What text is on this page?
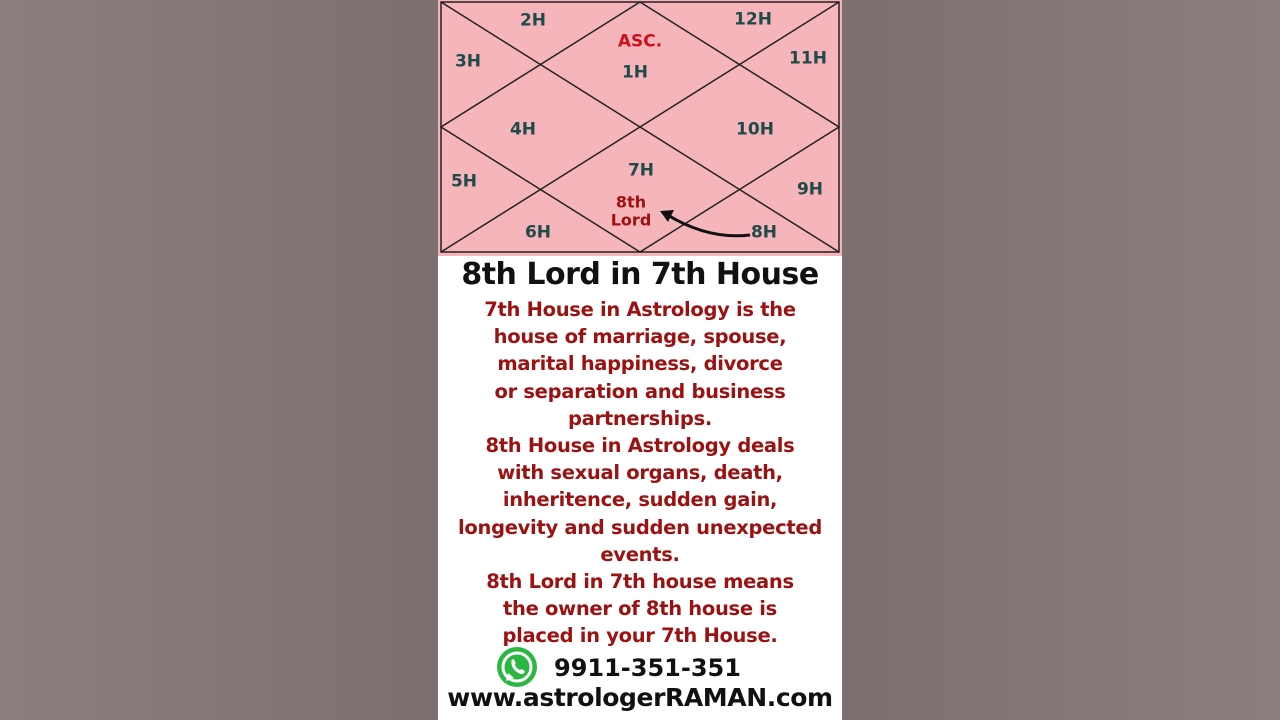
ASC.
1H
2H
3H
4H
5H
6H
7H
8H
9H
10H
11H
12H
8th
Lord
8th Lord in 7th House
7th House in Astrology is the
house of marriage, spouse,
marital happiness, divorce
or separation and business
partnerships.
8th House in Astrology deals
with sexual organs, death,
inheritence, sudden gain,
longevity and sudden unexpected
events.
8th Lord in 7th house means
the owner of 8th house is
placed in your 7th House.
9911-351-351
www.astrologerRAMAN.com
